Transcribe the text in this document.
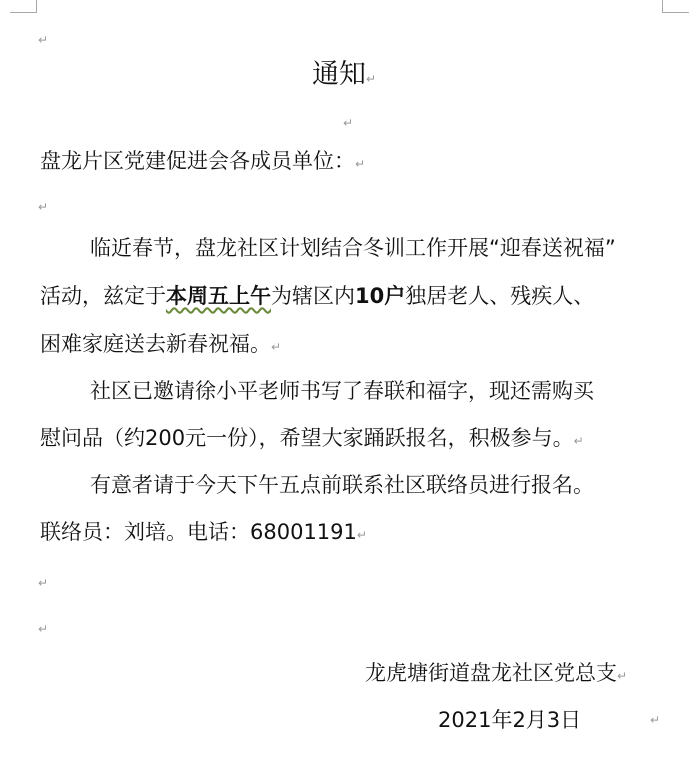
↵
通知↵
↵
盘龙片区党建促进会各成员单位：↵
↵
临近春节，盘龙社区计划结合冬训工作开展“迎春送祝福”
活动，兹定于本周五上午为辖区内10户独居老人、残疾人、
困难家庭送去新春祝福。↵
社区已邀请徐小平老师书写了春联和福字，现还需购买
慰问品（约200元一份），希望大家踊跃报名，积极参与。↵
有意者请于今天下午五点前联系社区联络员进行报名。
联络员：刘培。电话：68001191↵
↵
↵
龙虎塘街道盘龙社区党总支↵
2021年2月3日	↵
